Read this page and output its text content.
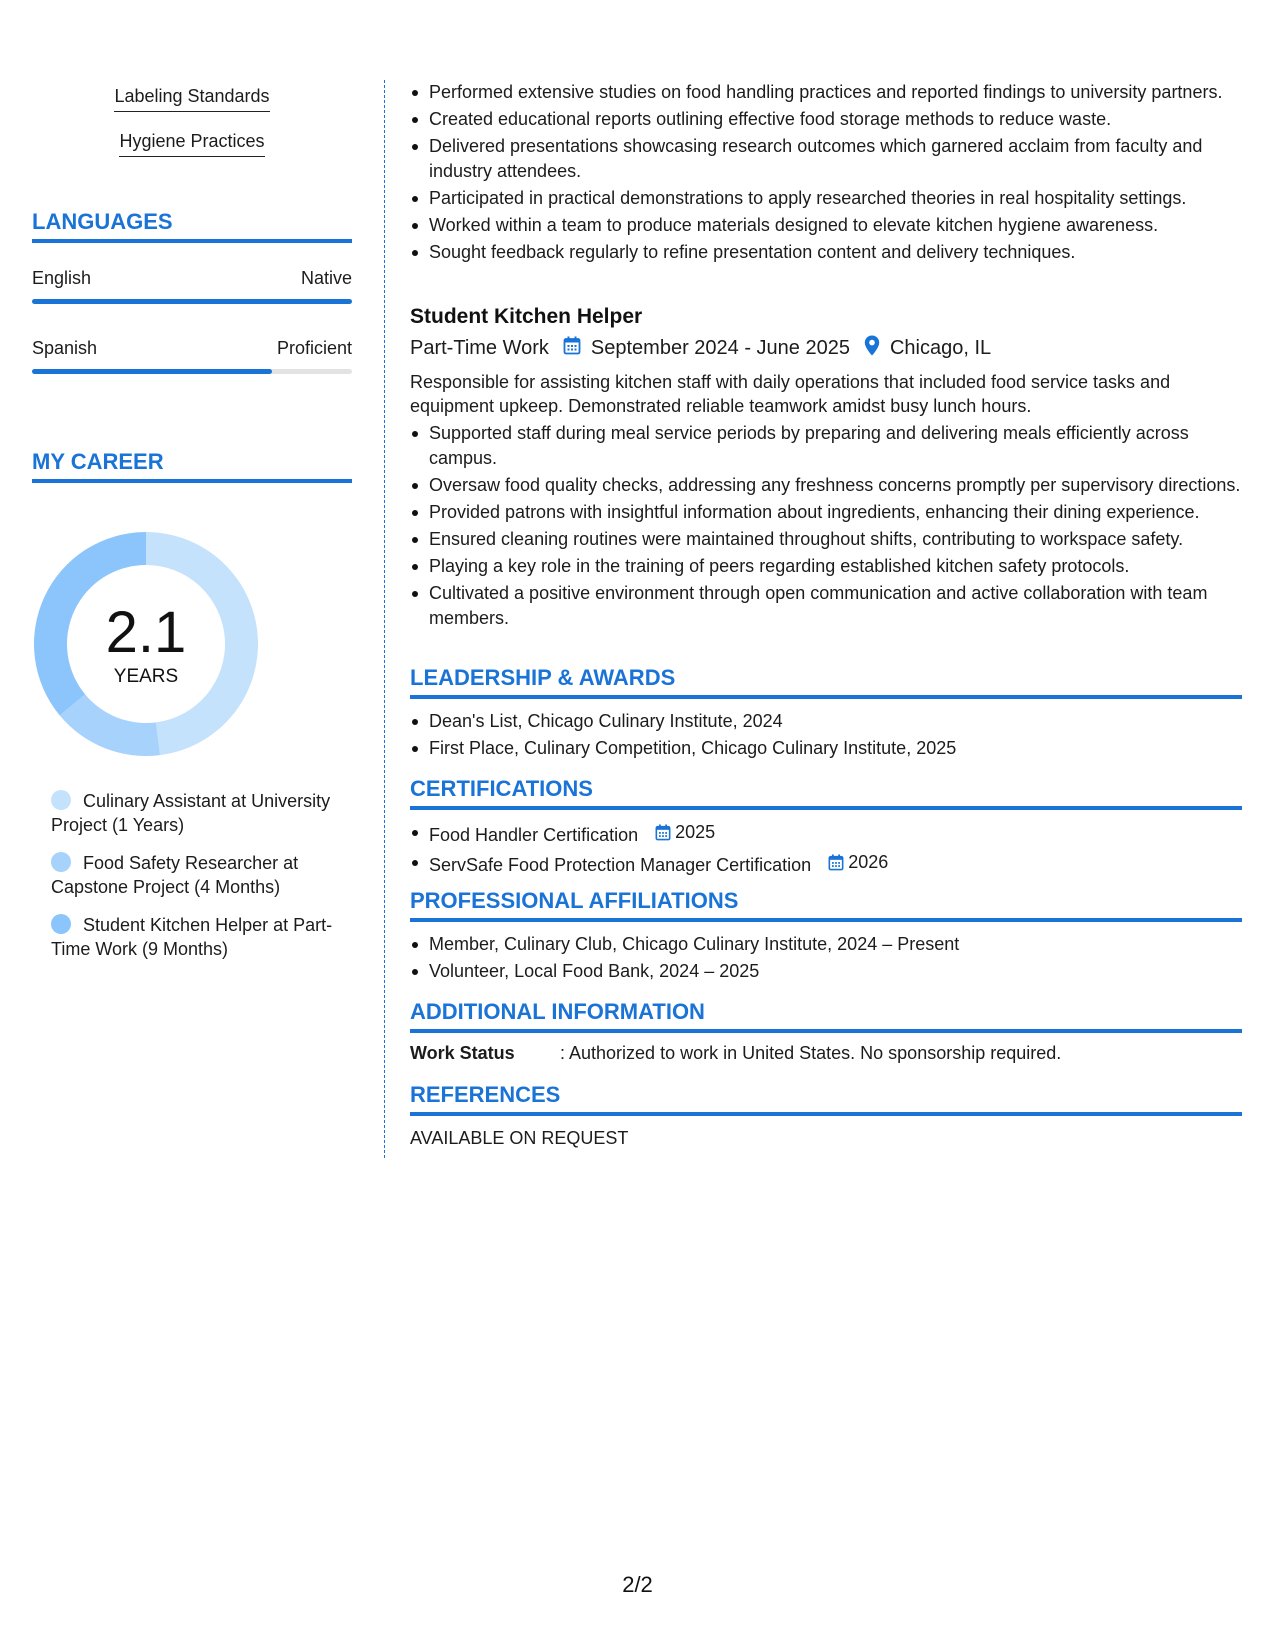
Labeling Standards
Hygiene Practices
LANGUAGES
English	Native
Spanish	Proficient
MY CAREER
2.1
YEARS
Culinary Assistant at University Project (1 Years)
Food Safety Researcher at Capstone Project (4 Months)
Student Kitchen Helper at Part-Time Work (9 Months)
Performed extensive studies on food handling practices and reported findings to university partners.
Created educational reports outlining effective food storage methods to reduce waste.
Delivered presentations showcasing research outcomes which garnered acclaim from faculty and industry attendees.
Participated in practical demonstrations to apply researched theories in real hospitality settings.
Worked within a team to produce materials designed to elevate kitchen hygiene awareness.
Sought feedback regularly to refine presentation content and delivery techniques.
Student Kitchen Helper
Part-Time Work September 2024 - June 2025 Chicago, IL
Responsible for assisting kitchen staff with daily operations that included food service tasks and equipment upkeep. Demonstrated reliable teamwork amidst busy lunch hours.
Supported staff during meal service periods by preparing and delivering meals efficiently across campus.
Oversaw food quality checks, addressing any freshness concerns promptly per supervisory directions.
Provided patrons with insightful information about ingredients, enhancing their dining experience.
Ensured cleaning routines were maintained throughout shifts, contributing to workspace safety.
Playing a key role in the training of peers regarding established kitchen safety protocols.
Cultivated a positive environment through open communication and active collaboration with team members.
LEADERSHIP & AWARDS
Dean's List, Chicago Culinary Institute, 2024
First Place, Culinary Competition, Chicago Culinary Institute, 2025
CERTIFICATIONS
Food Handler Certification 2025
ServSafe Food Protection Manager Certification 2026
PROFESSIONAL AFFILIATIONS
Member, Culinary Club, Chicago Culinary Institute, 2024 – Present
Volunteer, Local Food Bank, 2024 – 2025
ADDITIONAL INFORMATION
Work Status	: Authorized to work in United States. No sponsorship required.
REFERENCES
AVAILABLE ON REQUEST
2/2
